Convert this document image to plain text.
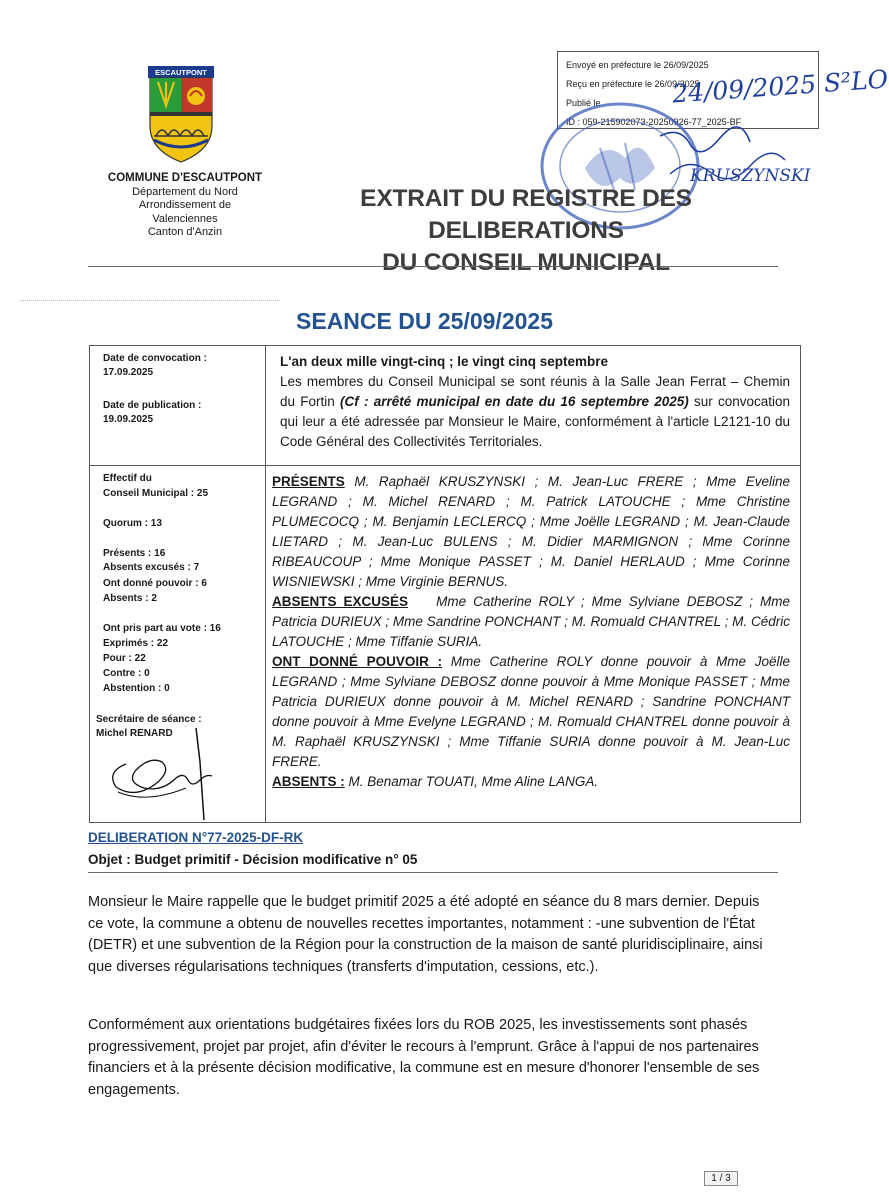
ESCAUTPONT
COMMUNE D'ESCAUTPONT
Département du Nord
Arrondissement de
Valenciennes
Canton d'Anzin
Envoyé en préfecture le 26/09/2025
Reçu en préfecture le 26/09/2025
Publié le
ID : 059-215902073-20250926-77_2025-BF
KRUSZYNSKI
24/09/2025 S²LO
EXTRAIT DU REGISTRE DES DELIBERATIONS
DU CONSEIL MUNICIPAL
SEANCE DU 25/09/2025
Date de convocation :
17.09.2025
Date de publication :
19.09.2025
Effectif du
Conseil Municipal : 25
Quorum : 13
Présents : 16
Absents excusés : 7
Ont donné pouvoir : 6
Absents : 2
Ont pris part au vote : 16
Exprimés : 22
Pour : 22
Contre : 0
Abstention : 0
Secrétaire de séance :
Michel RENARD
L'an deux mille vingt-cinq ; le vingt cinq septembre
Les membres du Conseil Municipal se sont réunis à la Salle Jean Ferrat – Chemin du Fortin (Cf : arrêté municipal en date du 16 septembre 2025) sur convocation qui leur a été adressée par Monsieur le Maire, conformément à l'article L2121-10 du Code Général des Collectivités Territoriales.
PRÉSENTS M. Raphaël KRUSZYNSKI ; M. Jean-Luc FRERE ; Mme Eveline LEGRAND ; M. Michel RENARD ; M. Patrick LATOUCHE ; Mme Christine PLUMECOCQ ; M. Benjamin LECLERCQ ; Mme Joëlle LEGRAND ; M. Jean-Claude LIETARD ; M. Jean-Luc BULENS ; M. Didier MARMIGNON ; Mme Corinne RIBEAUCOUP ; Mme Monique PASSET ; M. Daniel HERLAUD ; Mme Corinne WISNIEWSKI ; Mme Virginie BERNUS.
ABSENTS EXCUSÉS    Mme Catherine ROLY ; Mme Sylviane DEBOSZ ; Mme Patricia DURIEUX ; Mme Sandrine PONCHANT ; M. Romuald CHANTREL ; M. Cédric LATOUCHE ; Mme Tiffanie SURIA.
ONT DONNÉ POUVOIR : Mme Catherine ROLY donne pouvoir à Mme Joëlle LEGRAND ; Mme Sylviane DEBOSZ donne pouvoir à Mme Monique PASSET ; Mme Patricia DURIEUX donne pouvoir à M. Michel RENARD ; Sandrine PONCHANT donne pouvoir à Mme Evelyne LEGRAND ; M. Romuald CHANTREL donne pouvoir à M. Raphaël KRUSZYNSKI ; Mme Tiffanie SURIA donne pouvoir à M. Jean-Luc FRERE.
ABSENTS : M. Benamar TOUATI, Mme Aline LANGA.
DELIBERATION N°77-2025-DF-RK
Objet : Budget primitif - Décision modificative n° 05
Monsieur le Maire rappelle que le budget primitif 2025 a été adopté en séance du 8 mars dernier. Depuis ce vote, la commune a obtenu de nouvelles recettes importantes, notamment : -une subvention de l'État (DETR) et une subvention de la Région pour la construction de la maison de santé pluridisciplinaire, ainsi que diverses régularisations techniques (transferts d'imputation, cessions, etc.).
Conformément aux orientations budgétaires fixées lors du ROB 2025, les investissements sont phasés progressivement, projet par projet, afin d'éviter le recours à l'emprunt. Grâce à l'appui de nos partenaires financiers et à la présente décision modificative, la commune est en mesure d'honorer l'ensemble de ses engagements.
1 / 3
